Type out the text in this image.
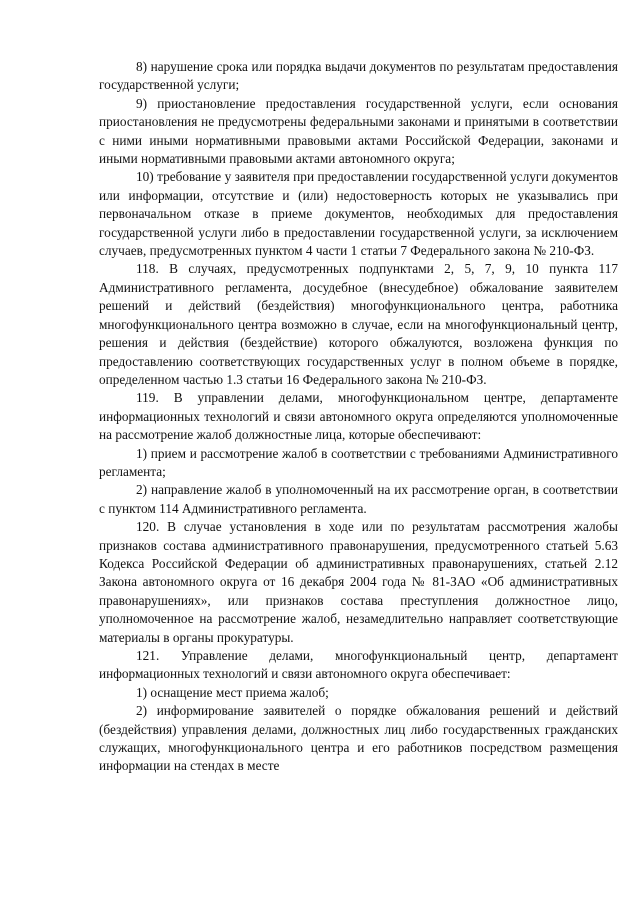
8) нарушение срока или порядка выдачи документов по результатам предоставления государственной услуги;

9) приостановление предоставления государственной услуги, если основания приостановления не предусмотрены федеральными законами и принятыми в соответствии с ними иными нормативными правовыми актами Российской Федерации, законами и иными нормативными правовыми актами автономного округа;

10) требование у заявителя при предоставлении государственной услуги документов или информации, отсутствие и (или) недостоверность которых не указывались при первоначальном отказе в приеме документов, необходимых для предоставления государственной услуги либо в предоставлении государственной услуги, за исключением случаев, предусмотренных пунктом 4 части 1 статьи 7 Федерального закона № 210-ФЗ.

118. В случаях, предусмотренных подпунктами 2, 5, 7, 9, 10 пункта 117 Административного регламента, досудебное (внесудебное) обжалование заявителем решений и действий (бездействия) многофункционального центра, работника многофункционального центра возможно в случае, если на многофункциональный центр, решения и действия (бездействие) которого обжалуются, возложена функция по предоставлению соответствующих государственных услуг в полном объеме в порядке, определенном частью 1.3 статьи 16 Федерального закона № 210-ФЗ.

119. В управлении делами, многофункциональном центре, департаменте информационных технологий и связи автономного округа определяются уполномоченные на рассмотрение жалоб должностные лица, которые обеспечивают:

1) прием и рассмотрение жалоб в соответствии с требованиями Административного регламента;

2) направление жалоб в уполномоченный на их рассмотрение орган, в соответствии с пунктом 114 Административного регламента.

120. В случае установления в ходе или по результатам рассмотрения жалобы признаков состава административного правонарушения, предусмотренного статьей 5.63 Кодекса Российской Федерации об административных правонарушениях, статьей 2.12 Закона автономного округа от 16 декабря 2004 года № 81-ЗАО «Об административных правонарушениях», или признаков состава преступления должностное лицо, уполномоченное на рассмотрение жалоб, незамедлительно направляет соответствующие материалы в органы прокуратуры.

121. Управление делами, многофункциональный центр, департамент информационных технологий и связи автономного округа обеспечивает:

1) оснащение мест приема жалоб;

2) информирование заявителей о порядке обжалования решений и действий (бездействия) управления делами, должностных лиц либо государственных гражданских служащих, многофункционального центра и его работников посредством размещения информации на стендах в месте
